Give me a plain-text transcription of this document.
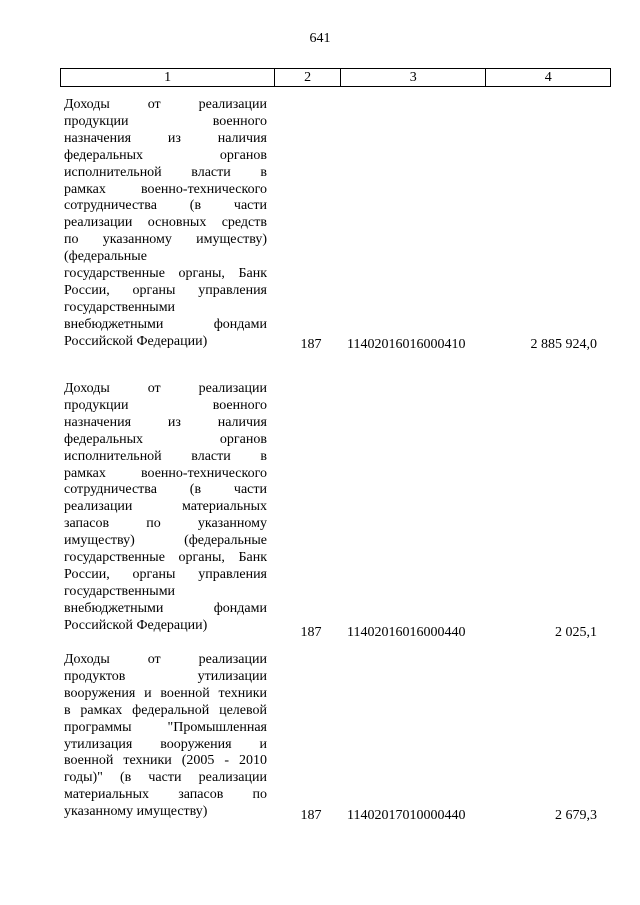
641
1	2	3	4
Доходы от реализации
продукции военного
назначения из наличия
федеральных органов
исполнительной власти в
рамках военно-технического
сотрудничества (в части
реализации основных средств
по указанному имуществу)
(федеральные
государственные органы, Банк
России, органы управления
государственными
внебюджетными фондами
Российской Федерации)	187	11402016016000410	2 885 924,0
Доходы от реализации
продукции военного
назначения из наличия
федеральных органов
исполнительной власти в
рамках военно-технического
сотрудничества (в части
реализации материальных
запасов по указанному
имуществу) (федеральные
государственные органы, Банк
России, органы управления
государственными
внебюджетными фондами
Российской Федерации)	187	11402016016000440	2 025,1
Доходы от реализации
продуктов утилизации
вооружения и военной техники
в рамках федеральной целевой
программы "Промышленная
утилизация вооружения и
военной техники (2005 - 2010
годы)" (в части реализации
материальных запасов по
указанному имуществу)	187	11402017010000440	2 679,3
